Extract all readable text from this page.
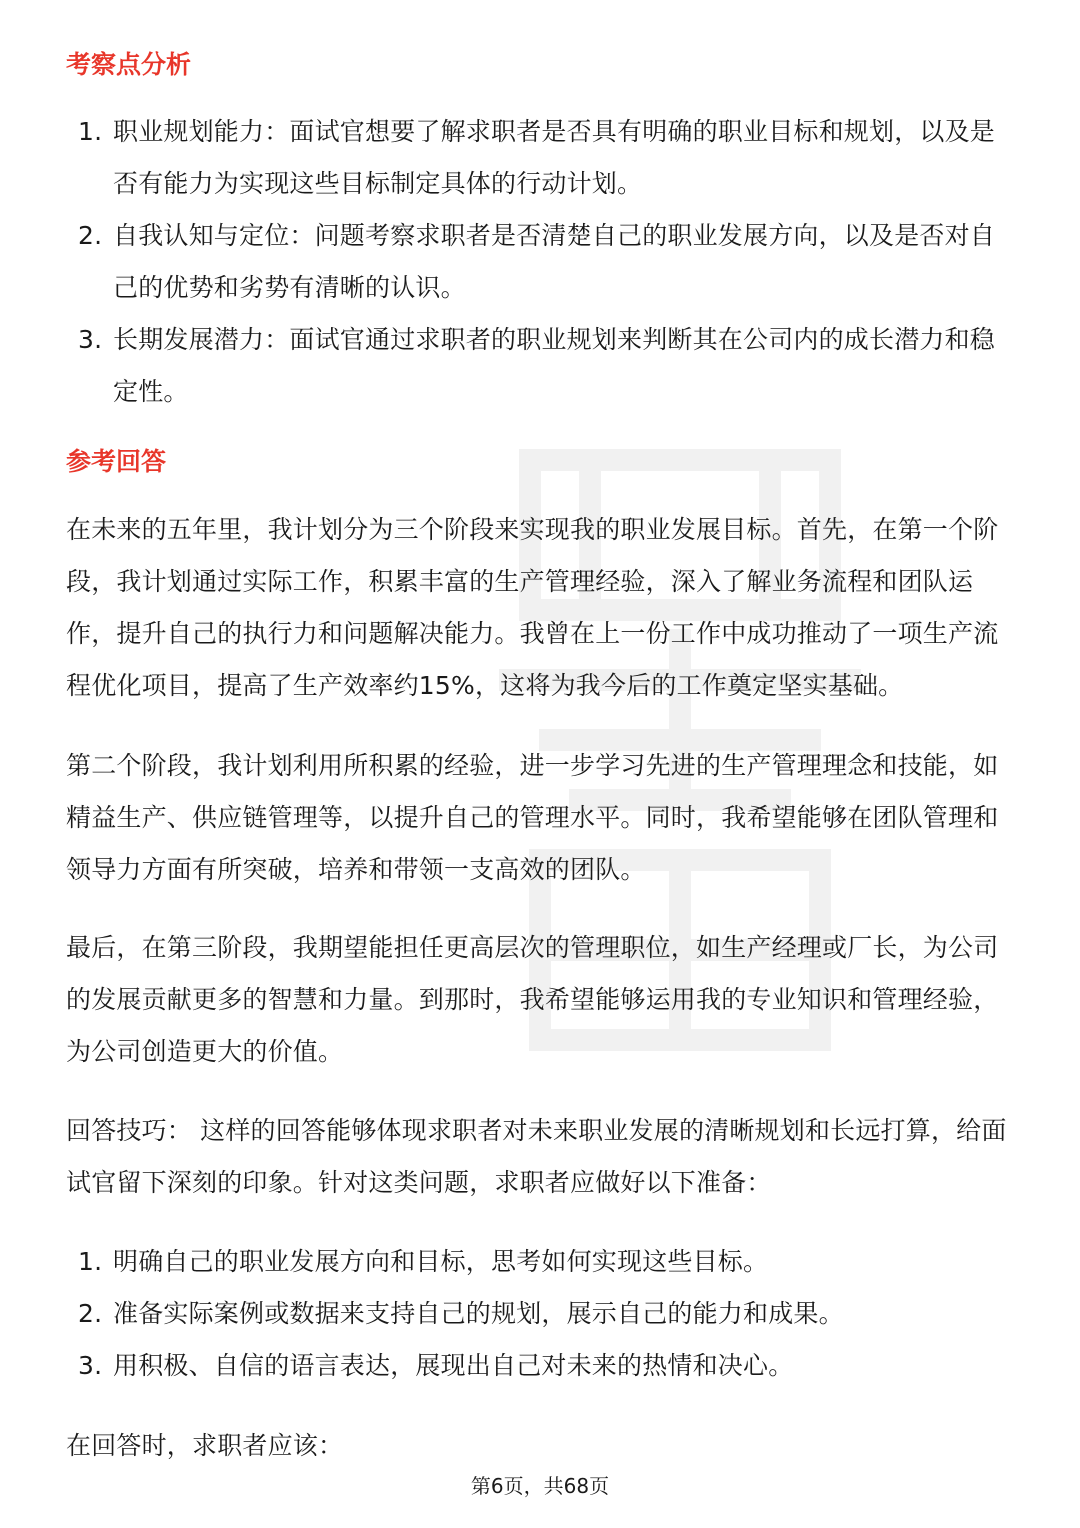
考察点分析
1. 职业规划能力：面试官想要了解求职者是否具有明确的职业目标和规划，以及是否有能力为实现这些目标制定具体的行动计划。
2. 自我认知与定位：问题考察求职者是否清楚自己的职业发展方向，以及是否对自己的优势和劣势有清晰的认识。
3. 长期发展潜力：面试官通过求职者的职业规划来判断其在公司内的成长潜力和稳定性。
参考回答

在未来的五年里，我计划分为三个阶段来实现我的职业发展目标。首先，在第一个阶段，我计划通过实际工作，积累丰富的生产管理经验，深入了解业务流程和团队运作，提升自己的执行力和问题解决能力。我曾在上一份工作中成功推动了一项生产流程优化项目，提高了生产效率约15%，这将为我今后的工作奠定坚实基础。

第二个阶段，我计划利用所积累的经验，进一步学习先进的生产管理理念和技能，如精益生产、供应链管理等，以提升自己的管理水平。同时，我希望能够在团队管理和领导力方面有所突破，培养和带领一支高效的团队。

最后，在第三阶段，我期望能担任更高层次的管理职位，如生产经理或厂长，为公司的发展贡献更多的智慧和力量。到那时，我希望能够运用我的专业知识和管理经验，为公司创造更大的价值。

回答技巧： 这样的回答能够体现求职者对未来职业发展的清晰规划和长远打算，给面试官留下深刻的印象。针对这类问题，求职者应做好以下准备：

1. 明确自己的职业发展方向和目标，思考如何实现这些目标。
2. 准备实际案例或数据来支持自己的规划，展示自己的能力和成果。
3. 用积极、自信的语言表达，展现出自己对未来的热情和决心。

在回答时，求职者应该：

第6页，共68页
